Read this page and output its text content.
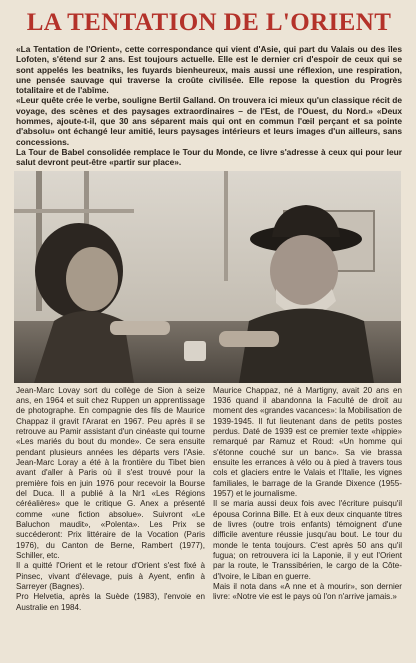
LA TENTATION DE L'ORIENT

«La Tentation de l'Orient», cette correspondance qui vient d'Asie, qui part du Valais ou des îles Lofoten, s'étend sur 2 ans. Est toujours actuelle. Elle est le dernier cri d'espoir de ceux qui se sont appelés les beatniks, les fuyards bienheureux, mais aussi une réflexion, une respiration, une pensée sauvage qui traverse la croûte civilisée. Elle repose la question du Progrès totalitaire et de l'abîme.

«Leur quête crée le verbe, souligne Bertil Galland. On trouvera ici mieux qu'un classique récit de voyage, des scènes et des paysages extraordinaires – de l'Est, de l'Ouest, du Nord.» «Deux hommes, ajoute-t-il, que 30 ans séparent mais qui ont en commun l'œil perçant et sa pointe d'absolu» ont échangé leur amitié, leurs paysages intérieurs et leurs images d'un ailleurs, sans concessions.

La Tour de Babel consolidée remplace le Tour du Monde, ce livre s'adresse à ceux qui pour leur salut devront peut-être «partir sur place».

Jean-Marc Lovay sort du collège de Sion à seize ans, en 1964 et suit chez Ruppen un apprentissage de photographe. En compagnie des fils de Maurice Chappaz il gravit l'Ararat en 1967. Peu après il se retrouve au Pamir assistant d'un cinéaste qui tourne «Les mariés du bout du monde». Ce sera ensuite pendant plusieurs années les départs vers l'Asie. Jean-Marc Loray a été à la frontière du Tibet bien avant d'aller à Paris où il s'est trouvé pour la première fois en juin 1976 pour recevoir la Bourse del Duca. Il a publié à la Nr1 «Les Régions céréalières» que le critique G. Anex a présenté comme «une fiction absolue». Suivront «Le Baluchon maudit», «Polenta». Les Prix se succéderont: Prix littéraire de la Vocation (Paris 1976), du Canton de Berne, Rambert (1977), Schiller, etc.

Il a quitté l'Orient et le retour d'Orient s'est fixé à Pinsec, vivant d'élevage, puis à Ayent, enfin à Sarreyer (Bagnes).

Pro Helvetia, après la Suède (1983), l'envoie en Australie en 1984.

Maurice Chappaz, né à Martigny, avait 20 ans en 1936 quand il abandonna la Faculté de droit au moment des «grandes vacances»: la Mobilisation de 1939-1945. Il fut lieutenant dans de petits postes perdus. Daté de 1939 est ce premier texte «hippie» remarqué par Ramuz et Roud: «Un homme qui s'étonne couché sur un banc». Sa vie brassa ensuite les errances à vélo ou à pied à travers tous cols et glaciers entre le Valais et l'Italie, les vignes familiales, le barrage de la Grande Dixence (1955-1957) et le journalisme.

Il se maria aussi deux fois avec l'écriture puisqu'il épousa Corinna Bille. Et à eux deux cinquante titres de livres (outre trois enfants) témoignent d'une difficile aventure réussie jusqu'au bout. Le tour du monde le tenta toujours. C'est après 50 ans qu'il fugua; on retrouvera ici la Laponie, il y eut l'Orient par la route, le Transsibérien, le cargo de la Côte-d'Ivoire, le Liban en guerre.

Mais il nota dans «A nne et à mourir», son dernier livre: «Notre vie est le pays où l'on n'arrive jamais.»
